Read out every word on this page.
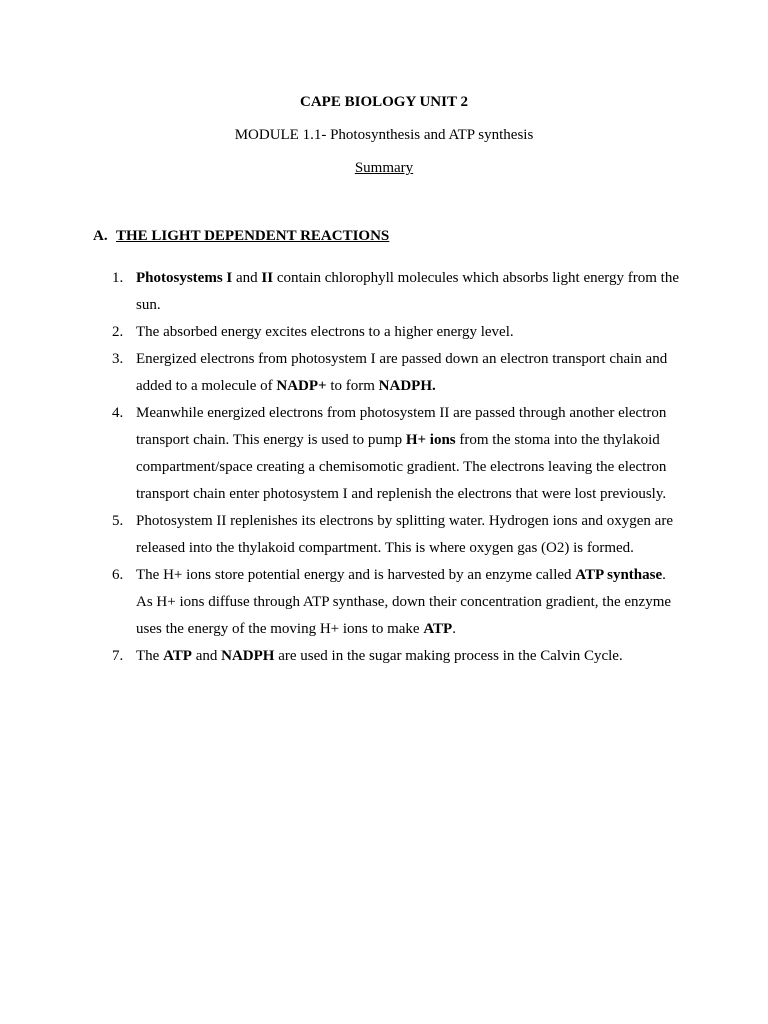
CAPE BIOLOGY UNIT 2
MODULE 1.1- Photosynthesis and ATP synthesis
Summary
A. THE LIGHT DEPENDENT REACTIONS
1. Photosystems I and II contain chlorophyll molecules which absorbs light energy from the sun.
2. The absorbed energy excites electrons to a higher energy level.
3. Energized electrons from photosystem I are passed down an electron transport chain and added to a molecule of NADP+ to form NADPH.
4. Meanwhile energized electrons from photosystem II are passed through another electron transport chain. This energy is used to pump H+ ions from the stoma into the thylakoid compartment/space creating a chemisomotic gradient. The electrons leaving the electron transport chain enter photosystem I and replenish the electrons that were lost previously.
5. Photosystem II replenishes its electrons by splitting water. Hydrogen ions and oxygen are released into the thylakoid compartment. This is where oxygen gas (O2) is formed.
6. The H+ ions store potential energy and is harvested by an enzyme called ATP synthase. As H+ ions diffuse through ATP synthase, down their concentration gradient, the enzyme uses the energy of the moving H+ ions to make ATP.
7. The ATP and NADPH are used in the sugar making process in the Calvin Cycle.
